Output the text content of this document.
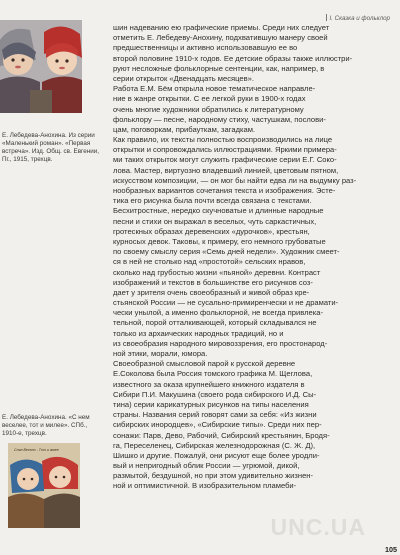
I. Сказка и фольклор
Е. Лебедева-Анохина. Из серии
«Маленький роман». «Первая
встреча». Изд. Общ. св. Евгении,
Пг., 1915, трехцв.
Е. Лебедева-Анохина. «С нем
веселее, тот и милее». СПб.,
1910-е, трехцв.
Снял Весело - Тот и жмее
шин надеванию ею графические приемы. Среди них следует
отметить Е. Лебедеву-Анохину, подхватившую манеру своей
предшественницы и активно использовавшую ее во
второй половине 1910-х годов. Ее детские образы также иллюстри-
руют несложные фольклорные сентенции, как, например, в
серии открыток «Двенадцать месяцев».
Работа Е.М. Бём открыла новое тематическое направле-
ние в жанре открытки. С ее легкой руки в 1900-х годах
очень многие художники обратились к литературному
фольклору — песне, народному стиху, частушкам, послови-
цам, поговоркам, прибауткам, загадкам.
Как правило, их тексты полностью воспроизводились на лице
открытки и сопровождались иллюстрациями. Яркими примера-
ми таких открыток могут служить графические серии Е.Г. Соко-
лова. Мастер, виртуозно владевший линией, цветовым пятном,
искусством композиции, — он мог бы найти едва ли на выдумку раз-
нообразных вариантов сочетания текста и изображения. Эсте-
тика его рисунка была почти всегда связана с текстами.
Бесхитростные, нередко скучноватые и длинные народные
песни и стихи он выражал в веселых, чуть саркастичных,
гротескных образах деревенских «дурочков», крестьян,
курносых девок. Таковы, к примеру, его немного грубоватые
по своему смыслу серия «Семь дней недели». Художник смеет-
ся в ней не столько над «простотой» сельских нравов,
сколько над грубостью жизни «пьяной» деревни. Контраст
изображений и текстов в большинстве его рисунков соз-
дает у зрителя очень своеобразный и живой образ кре-
стьянской России — не сусально-примиренчески и не драмати-
чески унылой, а именно фольклорной, не всегда привлека-
тельной, порой отталкивающей, который складывался не
только из архаических народных традиций, но и
из своеобразия народного мировоззрения, его простонарод-
ной этики, морали, юмора.
Своеобразной смысловой парой к русской деревне
Е.Соколова была Россия томского графика М. Щеглова,
известного за оказа крупнейшего книжного издателя в
Сибири П.И. Макушина (своего рода сибирского И.Д. Сы-
тина) серии карикатурных рисунков на типы населения
страны. Названия серий говорят сами за себя: «Из жизни
сибирских инородцев», «Сибирские типы». Среди них пер-
сонажи: Парв, Дево, Рабочий, Сибирский крестьянин, Бродя-
га, Переселенец, Сибирская железнодорожная (С. Ж. Д),
Шишко и другие. Пожалуй, они рисуют еще более уродли-
вый и непригодный облик России — угрюмой, дикой,
размытой, бездушной, но при этом удивительно жизнен-
ной и оптимистичной. В изобразительном пламеби-
UNC.UA
105
